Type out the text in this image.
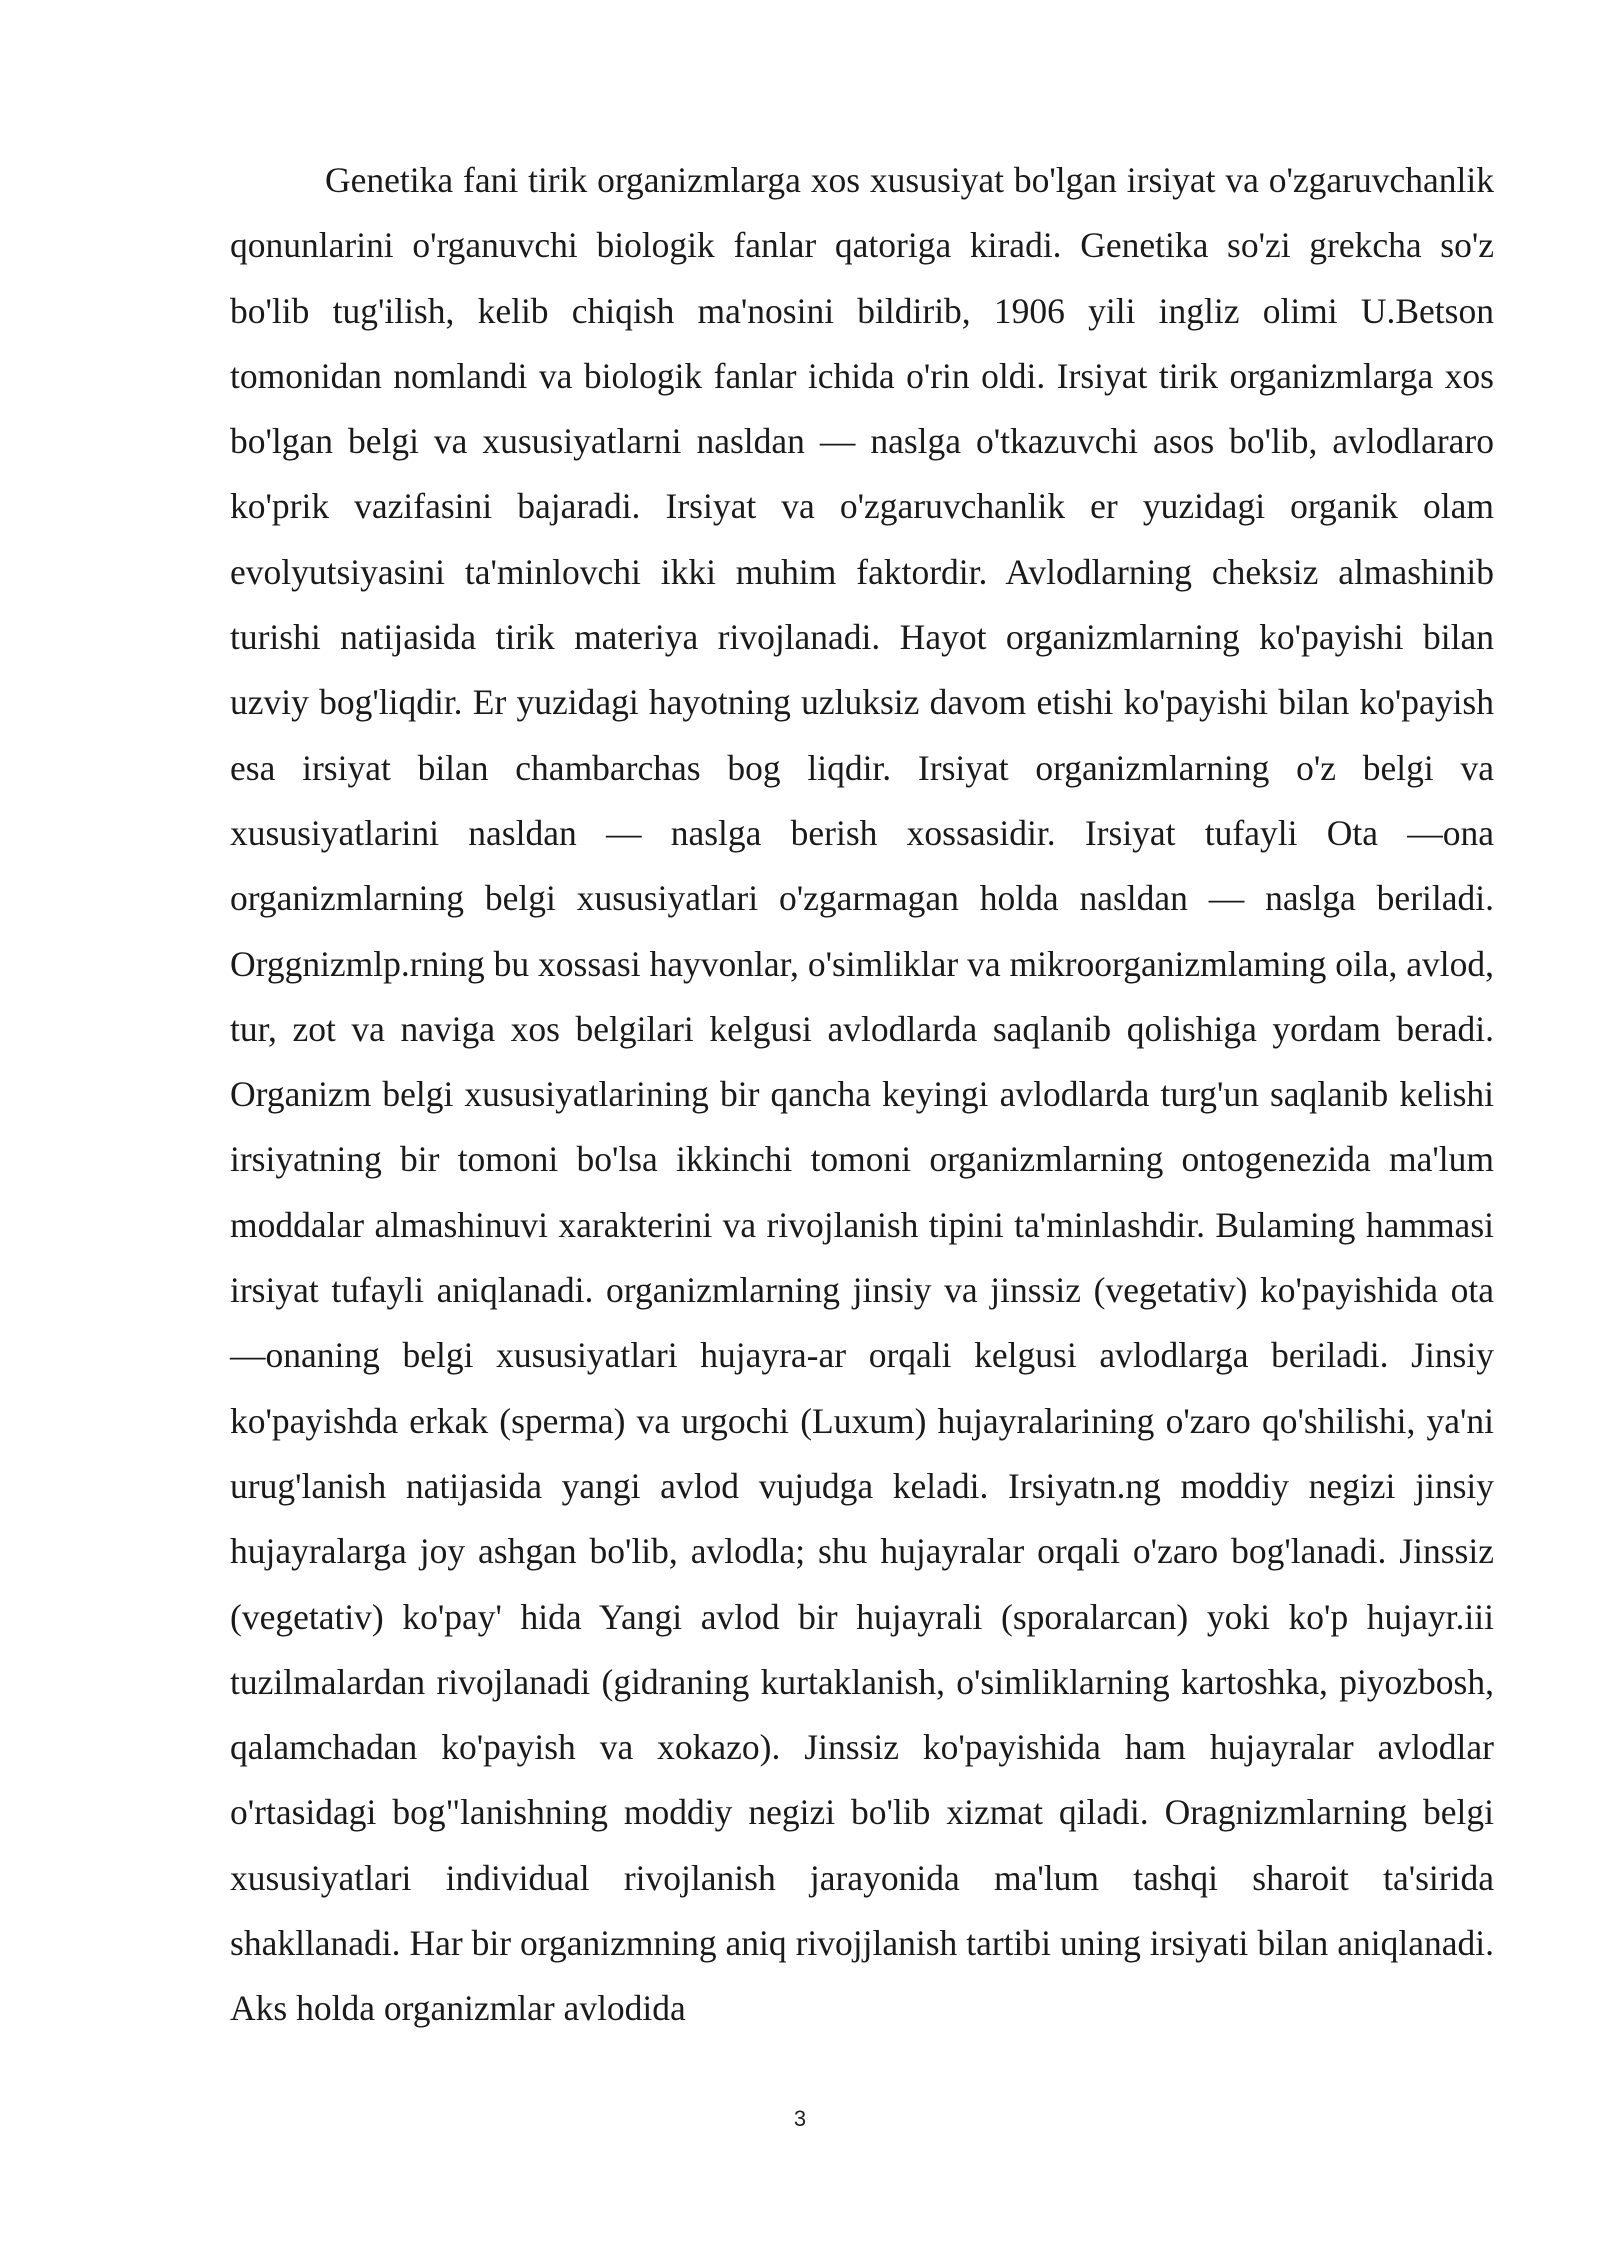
Genetika fani tirik organizmlarga xos xususiyat bo'lgan irsiyat va o'zgaruvchanlik qonunlarini o'rganuvchi biologik fanlar qatoriga kiradi. Genetika so'zi grekcha so'z bo'lib tug'ilish, kelib chiqish ma'nosini bildirib, 1906 yili ingliz olimi U.Betson tomonidan nomlandi va biologik fanlar ichida o'rin oldi. Irsiyat tirik organizmlarga xos bo'lgan belgi va xususiyatlarni nasldan — naslga o'tkazuvchi asos bo'lib, avlodlararo ko'prik vazifasini bajaradi. Irsiyat va o'zgaruvchanlik er yuzidagi organik olam evolyutsiyasini ta'minlovchi ikki muhim faktordir. Avlodlarning cheksiz almashinib turishi natijasida tirik materiya rivojlanadi. Hayot organizmlarning ko'payishi bilan uzviy bog'liqdir. Er yuzidagi hayotning uzluksiz davom etishi ko'payishi bilan ko'payish esa irsiyat bilan chambarchas bog liqdir. Irsiyat organizmlarning o'z belgi va xususiyatlarini nasldan — naslga berish xossasidir. Irsiyat tufayli Ota —ona organizmlarning belgi xususiyatlari o'zgarmagan holda nasldan — naslga beriladi. Orggnizmlp.rning bu xossasi hayvonlar, o'simliklar va mikroorganizmlaming oila, avlod, tur, zot va naviga xos belgilari kelgusi avlodlarda saqlanib qolishiga yordam beradi. Organizm belgi xususiyatlarining bir qancha keyingi avlodlarda turg'un saqlanib kelishi irsiyatning bir tomoni bo'lsa ikkinchi tomoni organizmlarning ontogenezida ma'lum moddalar almashinuvi xarakterini va rivojlanish tipini ta'minlashdir. Bulaming hammasi irsiyat tufayli aniqlanadi. organizmlarning jinsiy va jinssiz (vegetativ) ko'payishida ota —onaning belgi xususiyatlari hujayra-ar orqali kelgusi avlodlarga beriladi. Jinsiy ko'payishda erkak (sperma) va urgochi (Luxum) hujayralarining o'zaro qo'shilishi, ya'ni urug'lanish natijasida yangi avlod vujudga keladi. Irsiyatn.ng moddiy negizi jinsiy hujayralarga joy ashgan bo'lib, avlodla; shu hujayralar orqali o'zaro bog'lanadi. Jinssiz (vegetativ) ko'pay' hida Yangi avlod bir hujayrali (sporalarcan) yoki ko'p hujayr.iii tuzilmalardan rivojlanadi (gidraning kurtaklanish, o'simliklarning kartoshka, piyozbosh, qalamchadan ko'payish va xokazo). Jinssiz ko'payishida ham hujayralar avlodlar o'rtasidagi bog"lanishning moddiy negizi bo'lib xizmat qiladi. Oragnizmlarning belgi xususiyatlari individual rivojlanish jarayonida ma'lum tashqi sharoit ta'sirida shakllanadi. Har bir organizmning aniq rivojjlanish tartibi uning irsiyati bilan aniqlanadi. Aks holda organizmlar avlodida

3
